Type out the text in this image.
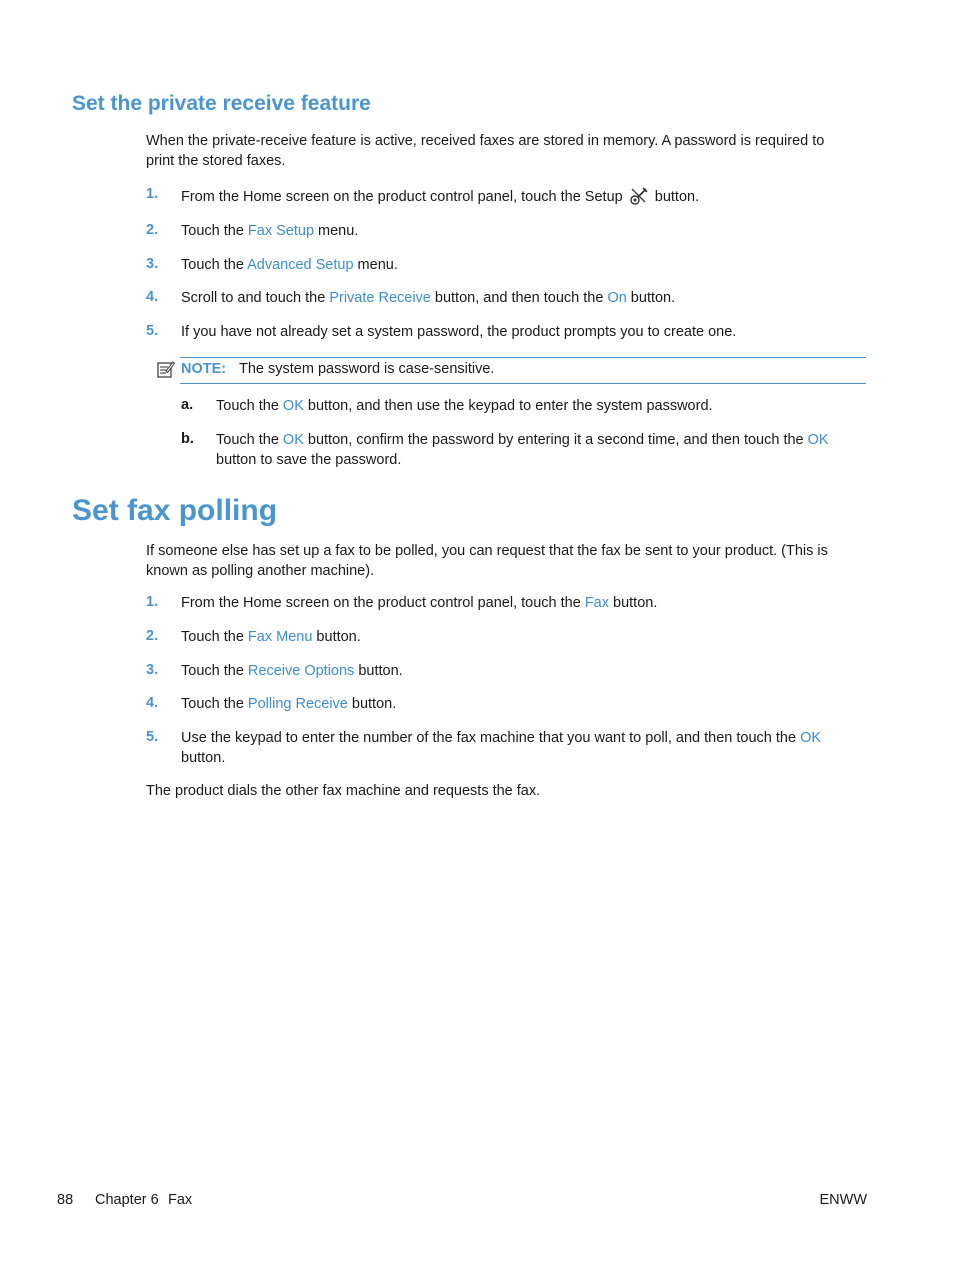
Set the private receive feature
When the private-receive feature is active, received faxes are stored in memory. A password is required to print the stored faxes.
1.	From the Home screen on the product control panel, touch the Setup button.
2.	Touch the Fax Setup menu.
3.	Touch the Advanced Setup menu.
4.	Scroll to and touch the Private Receive button, and then touch the On button.
5.	If you have not already set a system password, the product prompts you to create one.
NOTE: The system password is case-sensitive.
a. Touch the OK button, and then use the keypad to enter the system password.
b. Touch the OK button, confirm the password by entering it a second time, and then touch the OK
button to save the password.
Set fax polling
If someone else has set up a fax to be polled, you can request that the fax be sent to your product. (This is known as polling another machine).
1.	From the Home screen on the product control panel, touch the Fax button.
2.	Touch the Fax Menu button.
3.	Touch the Receive Options button.
4.	Touch the Polling Receive button.
5.	Use the keypad to enter the number of the fax machine that you want to poll, and then touch the OK
button.
The product dials the other fax machine and requests the fax.
88 Chapter 6 Fax	ENWW
